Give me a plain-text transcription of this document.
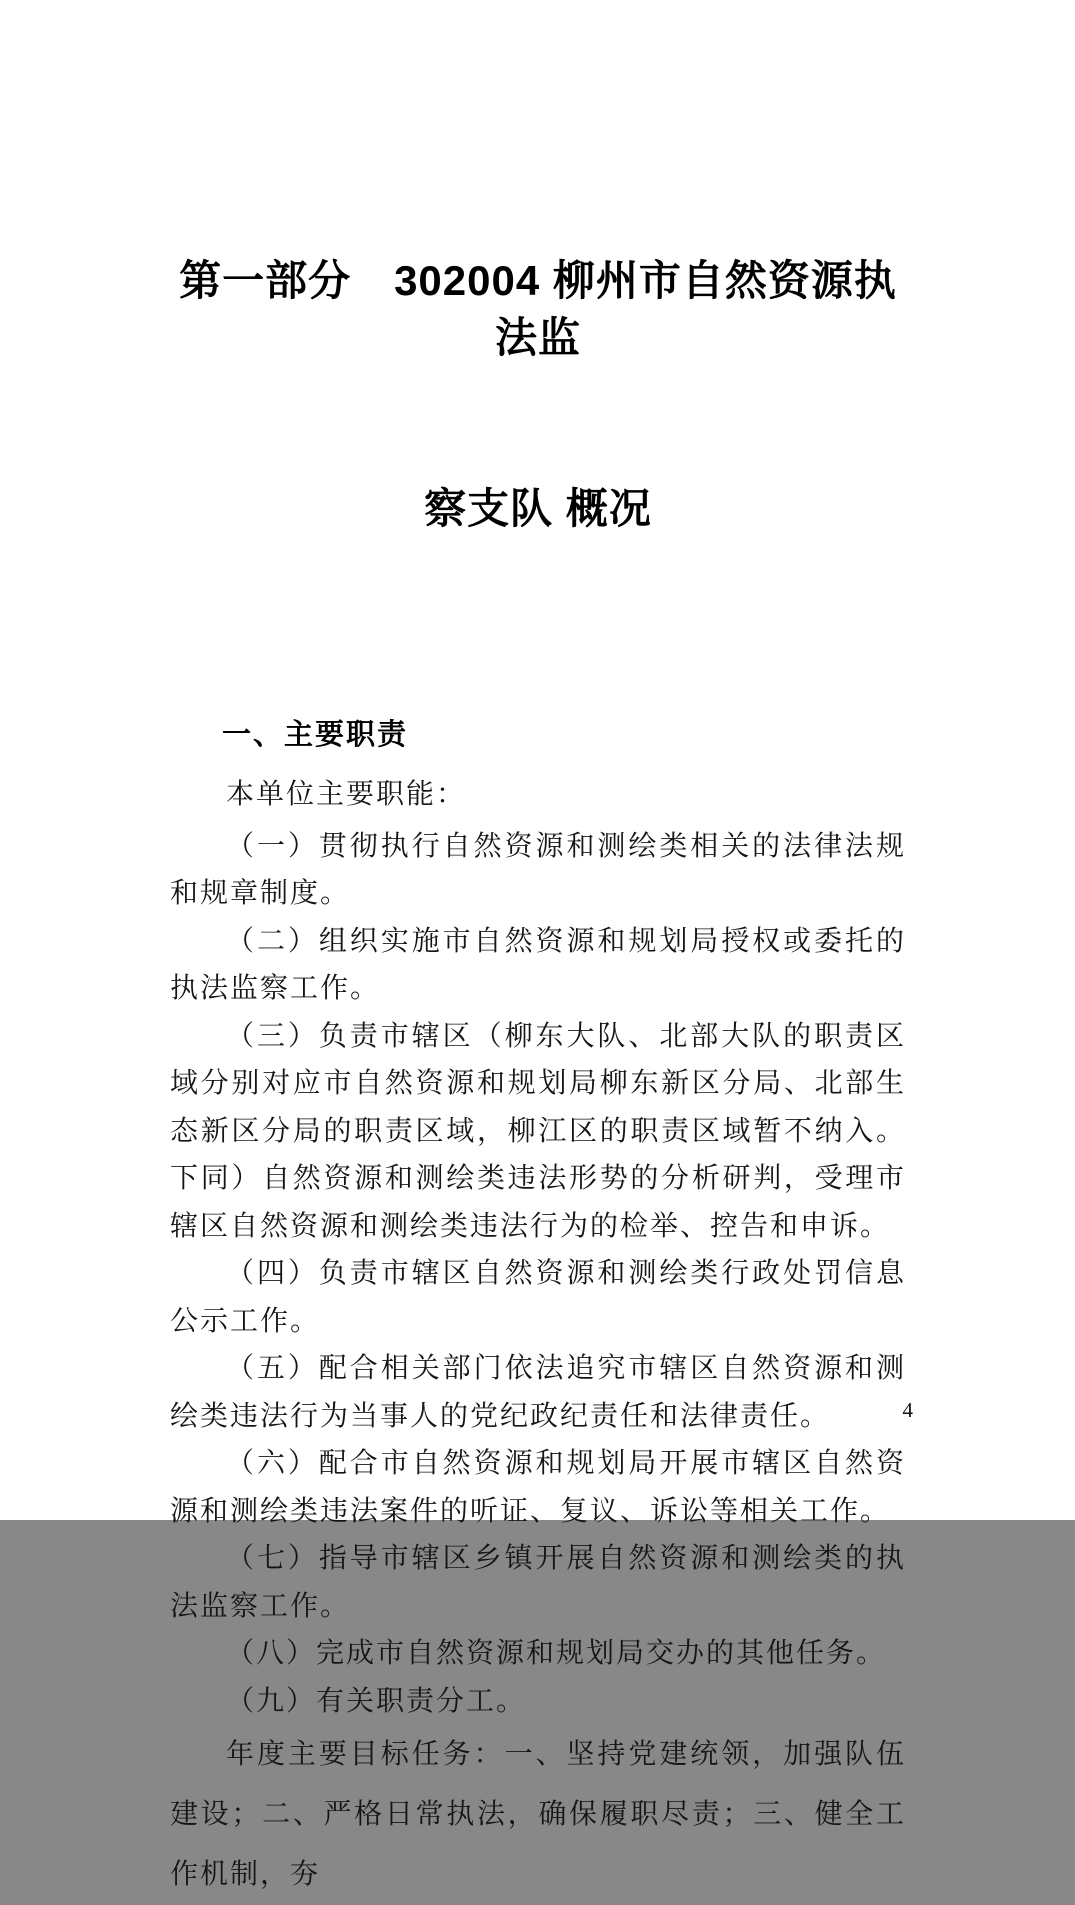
第一部分　302004 柳州市自然资源执法监

察支队 概况

一、主要职责

本单位主要职能：

（一）贯彻执行自然资源和测绘类相关的法律法规和规章制度。

（二）组织实施市自然资源和规划局授权或委托的执法监察工作。

（三）负责市辖区（柳东大队、北部大队的职责区域分别对应市自然资源和规划局柳东新区分局、北部生态新区分局的职责区域，柳江区的职责区域暂不纳入。下同）自然资源和测绘类违法形势的分析研判，受理市辖区自然资源和测绘类违法行为的检举、控告和申诉。

（四）负责市辖区自然资源和测绘类行政处罚信息公示工作。

（五）配合相关部门依法追究市辖区自然资源和测绘类违法行为当事人的党纪政纪责任和法律责任。

（六）配合市自然资源和规划局开展市辖区自然资源和测绘类违法案件的听证、复议、诉讼等相关工作。

（七）指导市辖区乡镇开展自然资源和测绘类的执法监察工作。

（八）完成市自然资源和规划局交办的其他任务。

（九）有关职责分工。

年度主要目标任务：一、坚持党建统领，加强队伍建设；二、严格日常执法，确保履职尽责；三、健全工作机制，夯

4
